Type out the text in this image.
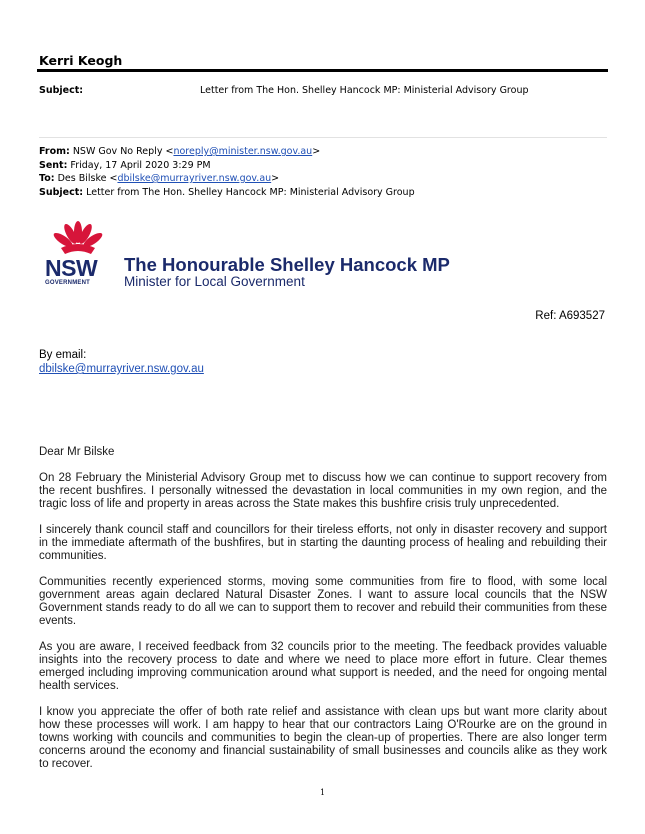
Kerri Keogh
Subject:	Letter from The Hon. Shelley Hancock MP: Ministerial Advisory Group
From: NSW Gov No Reply <noreply@minister.nsw.gov.au>
Sent: Friday, 17 April 2020 3:29 PM
To: Des Bilske <dbilske@murrayriver.nsw.gov.au>
Subject: Letter from The Hon. Shelley Hancock MP: Ministerial Advisory Group
NSW
GOVERNMENT
The Honourable Shelley Hancock MP
Minister for Local Government
Ref: A693527
By email:
dbilske@murrayriver.nsw.gov.au

Dear Mr Bilske

On 28 February the Ministerial Advisory Group met to discuss how we can continue to support recovery from the recent bushfires. I personally witnessed the devastation in local communities in my own region, and the tragic loss of life and property in areas across the State makes this bushfire crisis truly unprecedented.

I sincerely thank council staff and councillors for their tireless efforts, not only in disaster recovery and support in the immediate aftermath of the bushfires, but in starting the daunting process of healing and rebuilding their communities.

Communities recently experienced storms, moving some communities from fire to flood, with some local government areas again declared Natural Disaster Zones. I want to assure local councils that the NSW Government stands ready to do all we can to support them to recover and rebuild their communities from these events.

As you are aware, I received feedback from 32 councils prior to the meeting. The feedback provides valuable insights into the recovery process to date and where we need to place more effort in future. Clear themes emerged including improving communication around what support is needed, and the need for ongoing mental health services.

I know you appreciate the offer of both rate relief and assistance with clean ups but want more clarity about how these processes will work. I am happy to hear that our contractors Laing O'Rourke are on the ground in towns working with councils and communities to begin the clean-up of properties. There are also longer term concerns around the economy and financial sustainability of small businesses and councils alike as they work to recover.

1
